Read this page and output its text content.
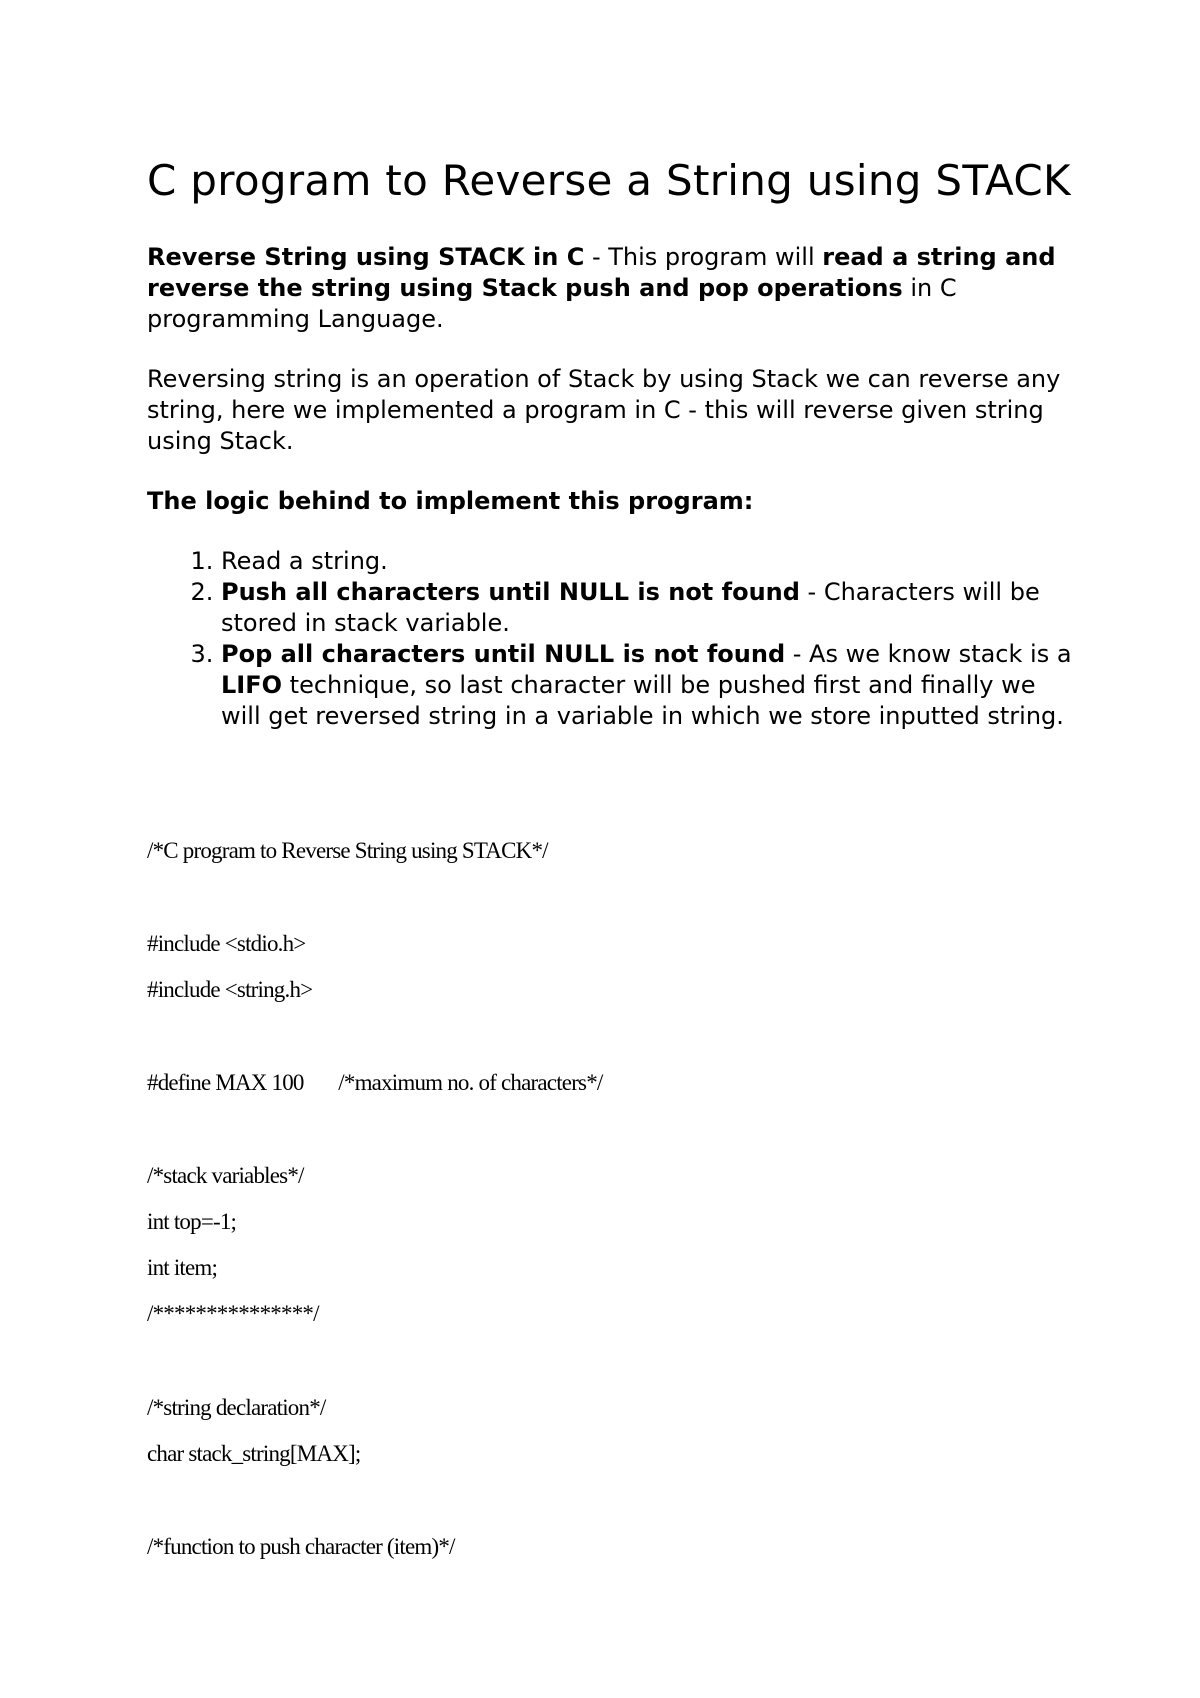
C program to Reverse a String using STACK

Reverse String using STACK in C - This program will read a string and reverse the string using Stack push and pop operations in C programming Language.

Reversing string is an operation of Stack by using Stack we can reverse any string, here we implemented a program in C - this will reverse given string using Stack.

The logic behind to implement this program:
1. Read a string.
2. Push all characters until NULL is not found - Characters will be stored in stack variable.
3. Pop all characters until NULL is not found - As we know stack is a LIFO technique, so last character will be pushed first and finally we will get reversed string in a variable in which we store inputted string.
/*C program to Reverse String using STACK*/
#include <stdio.h>
#include <string.h>
#define MAX 100       /*maximum no. of characters*/
/*stack variables*/
int top=-1;
int item;
/***************/
/*string declaration*/
char stack_string[MAX];
/*function to push character (item)*/
